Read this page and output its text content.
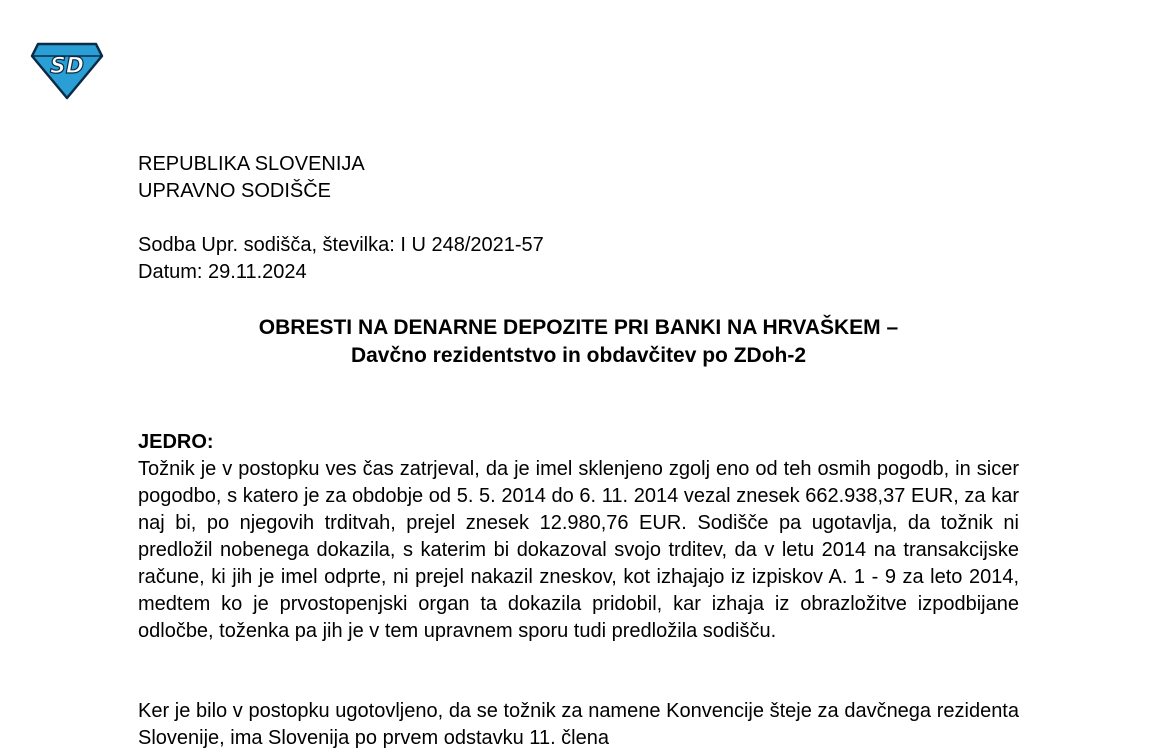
SD
REPUBLIKA SLOVENIJA
UPRAVNO SODIŠČE
Sodba Upr. sodišča, številka: I U 248/2021-57
Datum: 29.11.2024
OBRESTI NA DENARNE DEPOZITE PRI BANKI NA HRVAŠKEM –
Davčno rezidentstvo in obdavčitev po ZDoh-2
JEDRO:

Tožnik je v postopku ves čas zatrjeval, da je imel sklenjeno zgolj eno od teh osmih pogodb, in sicer pogodbo, s katero je za obdobje od 5. 5. 2014 do 6. 11. 2014 vezal znesek 662.938,37 EUR, za kar naj bi, po njegovih trditvah, prejel znesek 12.980,76 EUR. Sodišče pa ugotavlja, da tožnik ni predložil nobenega dokazila, s katerim bi dokazoval svojo trditev, da v letu 2014 na transakcijske račune, ki jih je imel odprte, ni prejel nakazil zneskov, kot izhajajo iz izpiskov A. 1 - 9 za leto 2014, medtem ko je prvostopenjski organ ta dokazila pridobil, kar izhaja iz obrazložitve izpodbijane odločbe, toženka pa jih je v tem upravnem sporu tudi predložila sodišču.

Ker je bilo v postopku ugotovljeno, da se tožnik za namene Konvencije šteje za davčnega rezidenta Slovenije, ima Slovenija po prvem odstavku 11. člena
